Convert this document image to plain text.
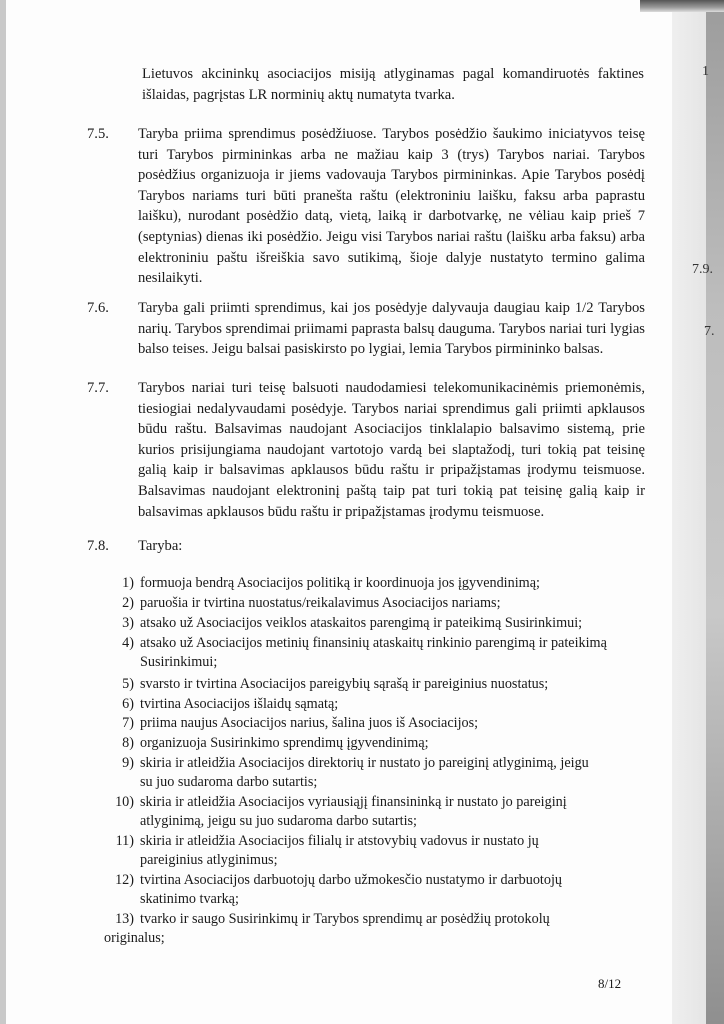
1
7.9.
7.
Lietuvos akcininkų asociacijos misiją atlyginamas pagal komandiruotės faktines išlaidas, pagrįstas LR norminių aktų numatyta tvarka.
7.5. Taryba priima sprendimus posėdžiuose. Tarybos posėdžio šaukimo iniciatyvos teisę turi Tarybos pirmininkas arba ne mažiau kaip 3 (trys) Tarybos nariai. Tarybos posėdžius organizuoja ir jiems vadovauja Tarybos pirmininkas. Apie Tarybos posėdį Tarybos nariams turi būti pranešta raštu (elektroniniu laišku, faksu arba paprastu laišku), nurodant posėdžio datą, vietą, laiką ir darbotvarkę, ne vėliau kaip prieš 7 (septynias) dienas iki posėdžio. Jeigu visi Tarybos nariai raštu (laišku arba faksu) arba elektroniniu paštu išreiškia savo sutikimą, šioje dalyje nustatyto termino galima nesilaikyti.
7.6. Taryba gali priimti sprendimus, kai jos posėdyje dalyvauja daugiau kaip 1/2 Tarybos narių. Tarybos sprendimai priimami paprasta balsų dauguma. Tarybos nariai turi lygias balso teises. Jeigu balsai pasiskirsto po lygiai, lemia Tarybos pirmininko balsas.
7.7. Tarybos nariai turi teisę balsuoti naudodamiesi telekomunikacinėmis priemonėmis, tiesiogiai nedalyvaudami posėdyje. Tarybos nariai sprendimus gali priimti apklausos būdu raštu. Balsavimas naudojant Asociacijos tinklalapio balsavimo sistemą, prie kurios prisijungiama naudojant vartotojo vardą bei slaptažodį, turi tokią pat teisinę galią kaip ir balsavimas apklausos būdu raštu ir pripažįstamas įrodymu teismuose. Balsavimas naudojant elektroninį paštą taip pat turi tokią pat teisinę galią kaip ir balsavimas apklausos būdu raštu ir pripažįstamas įrodymu teismuose.
7.8. Taryba:
1) formuoja bendrą Asociacijos politiką ir koordinuoja jos įgyvendinimą;
2) paruošia ir tvirtina nuostatus/reikalavimus Asociacijos nariams;
3) atsako už Asociacijos veiklos ataskaitos parengimą ir pateikimą Susirinkimui;
4) atsako už Asociacijos metinių finansinių ataskaitų rinkinio parengimą ir pateikimą
Susirinkimui;
5) svarsto ir tvirtina Asociacijos pareigybių sąrašą ir pareiginius nuostatus;
6) tvirtina Asociacijos išlaidų sąmatą;
7) priima naujus Asociacijos narius, šalina juos iš Asociacijos;
8) organizuoja Susirinkimo sprendimų įgyvendinimą;
9) skiria ir atleidžia Asociacijos direktorių ir nustato jo pareiginį atlyginimą, jeigu
su juo sudaroma darbo sutartis;
10) skiria ir atleidžia Asociacijos vyriausiąjį finansininką ir nustato jo pareiginį
atlyginimą, jeigu su juo sudaroma darbo sutartis;
11) skiria ir atleidžia Asociacijos filialų ir atstovybių vadovus ir nustato jų
pareiginius atlyginimus;
12) tvirtina Asociacijos darbuotojų darbo užmokesčio nustatymo ir darbuotojų
skatinimo tvarką;
13) tvarko ir saugo Susirinkimų ir Tarybos sprendimų ar posėdžių protokolų
originalus;
8/12
